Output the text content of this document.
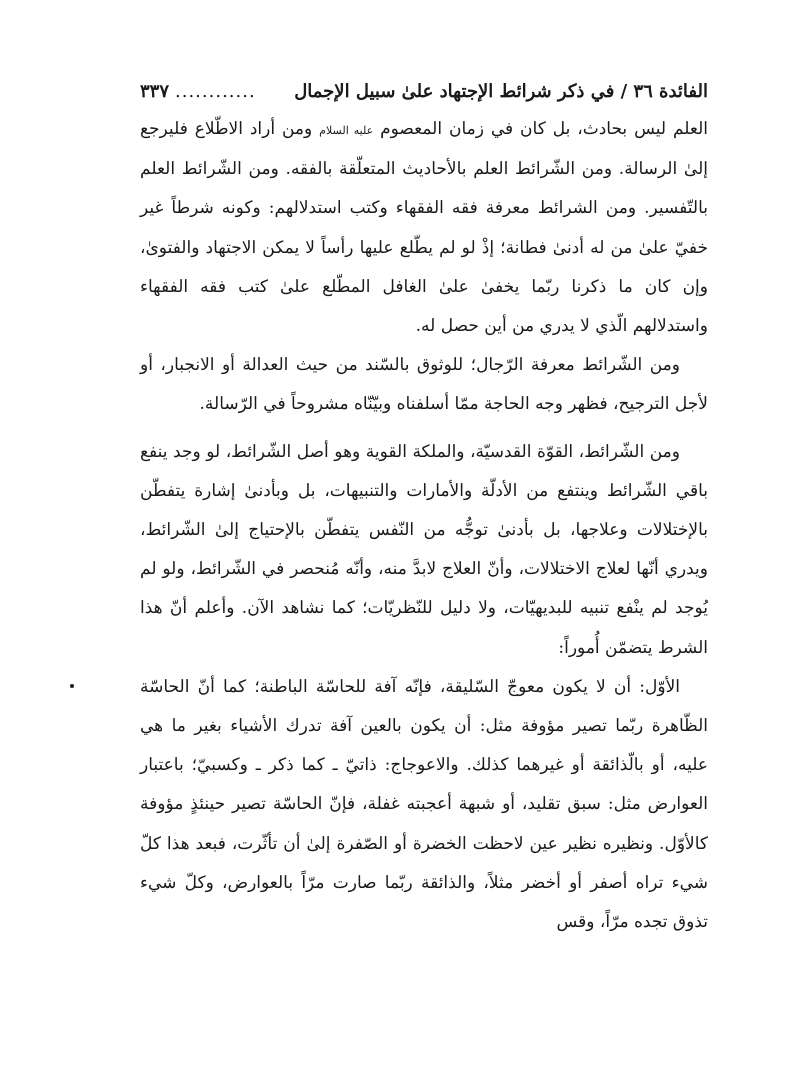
الفائدة ٣٦ / في ذكر شرائط الإجتهاد علىٰ سبيل الإجمال
............
٣٣٧

العلم ليس بحادث، بل كان في زمان المعصوم عليه السلام ومن أراد الاطّلاع فليرجع إلىٰ الرسالة. ومن الشّرائط العلم بالأحاديث المتعلّقة بالفقه. ومن الشّرائط العلم بالتّفسير. ومن الشرائط معرفة فقه الفقهاء وكتب استدلالهم: وكونه شرطاً غير خفيّ علىٰ من له أدنىٰ فطانة؛ إذْ لو لم يطّلع عليها رأساً لا يمكن الاجتهاد والفتوىٰ، وإن كان ما ذكرنا ربّما يخفىٰ علىٰ الغافل المطّلع علىٰ كتب فقه الفقهاء واستدلالهم الّذي لا يدري من أين حصل له.

ومن الشّرائط معرفة الرّجال؛ للوثوق بالسّند من حيث العدالة أو الانجبار، أو لأجل الترجيح، فظهر وجه الحاجة ممّا أسلفناه وبيّنّاه مشروحاً في الرّسالة.

ومن الشّرائط، القوّة القدسيّة، والملكة القوية وهو أصل الشّرائط، لو وجد ينفع باقي الشّرائط وينتفع من الأدلّة والأمارات والتنبيهات، بل وبأدنىٰ إشارة يتفطّن بالإختلالات وعلاجها، بل بأدنىٰ توجُّه من النّفس يتفطّن بالإحتياج إلىٰ الشّرائط، ويدري أنّها لعلاج الاختلالات، وأنّ العلاج لابدَّ منه، وأنّه مُنحصر في الشّرائط، ولو لم يُوجد لم ينْفع تنبيه للبديهيّات، ولا دليل للنّظريّات؛ كما نشاهد الآن. وأعلم أنّ هذا الشرط يتضمّن أُموراً:

الأوّل: أن لا يكون معوجّ السّليقة، فإنّه آفة للحاسّة الباطنة؛ كما أنّ الحاسّة الظّاهرة ربّما تصير مؤوفة مثل: أن يكون بالعين آفة تدرك الأشياء بغير ما هي عليه، أو بالّذائقة أو غيرهما كذلك. والاعوجاج: ذاتيّ ـ كما ذكر ـ وكسبيّ؛ باعتبار العوارض مثل: سبق تقليد، أو شبهة أعجبته غفلة، فإنّ الحاسّة تصير حينئذٍ مؤوفة كالأوّل. ونظيره نظير عين لاحظت الخضرة أو الصّفرة إلىٰ أن تأثّرت، فبعد هذا كلّ شيء تراه أصفر أو أخضر مثلاً، والذائقة ربّما صارت مرّاً بالعوارض، وكلّ شيء تذوق تجده مرّاً، وقس
